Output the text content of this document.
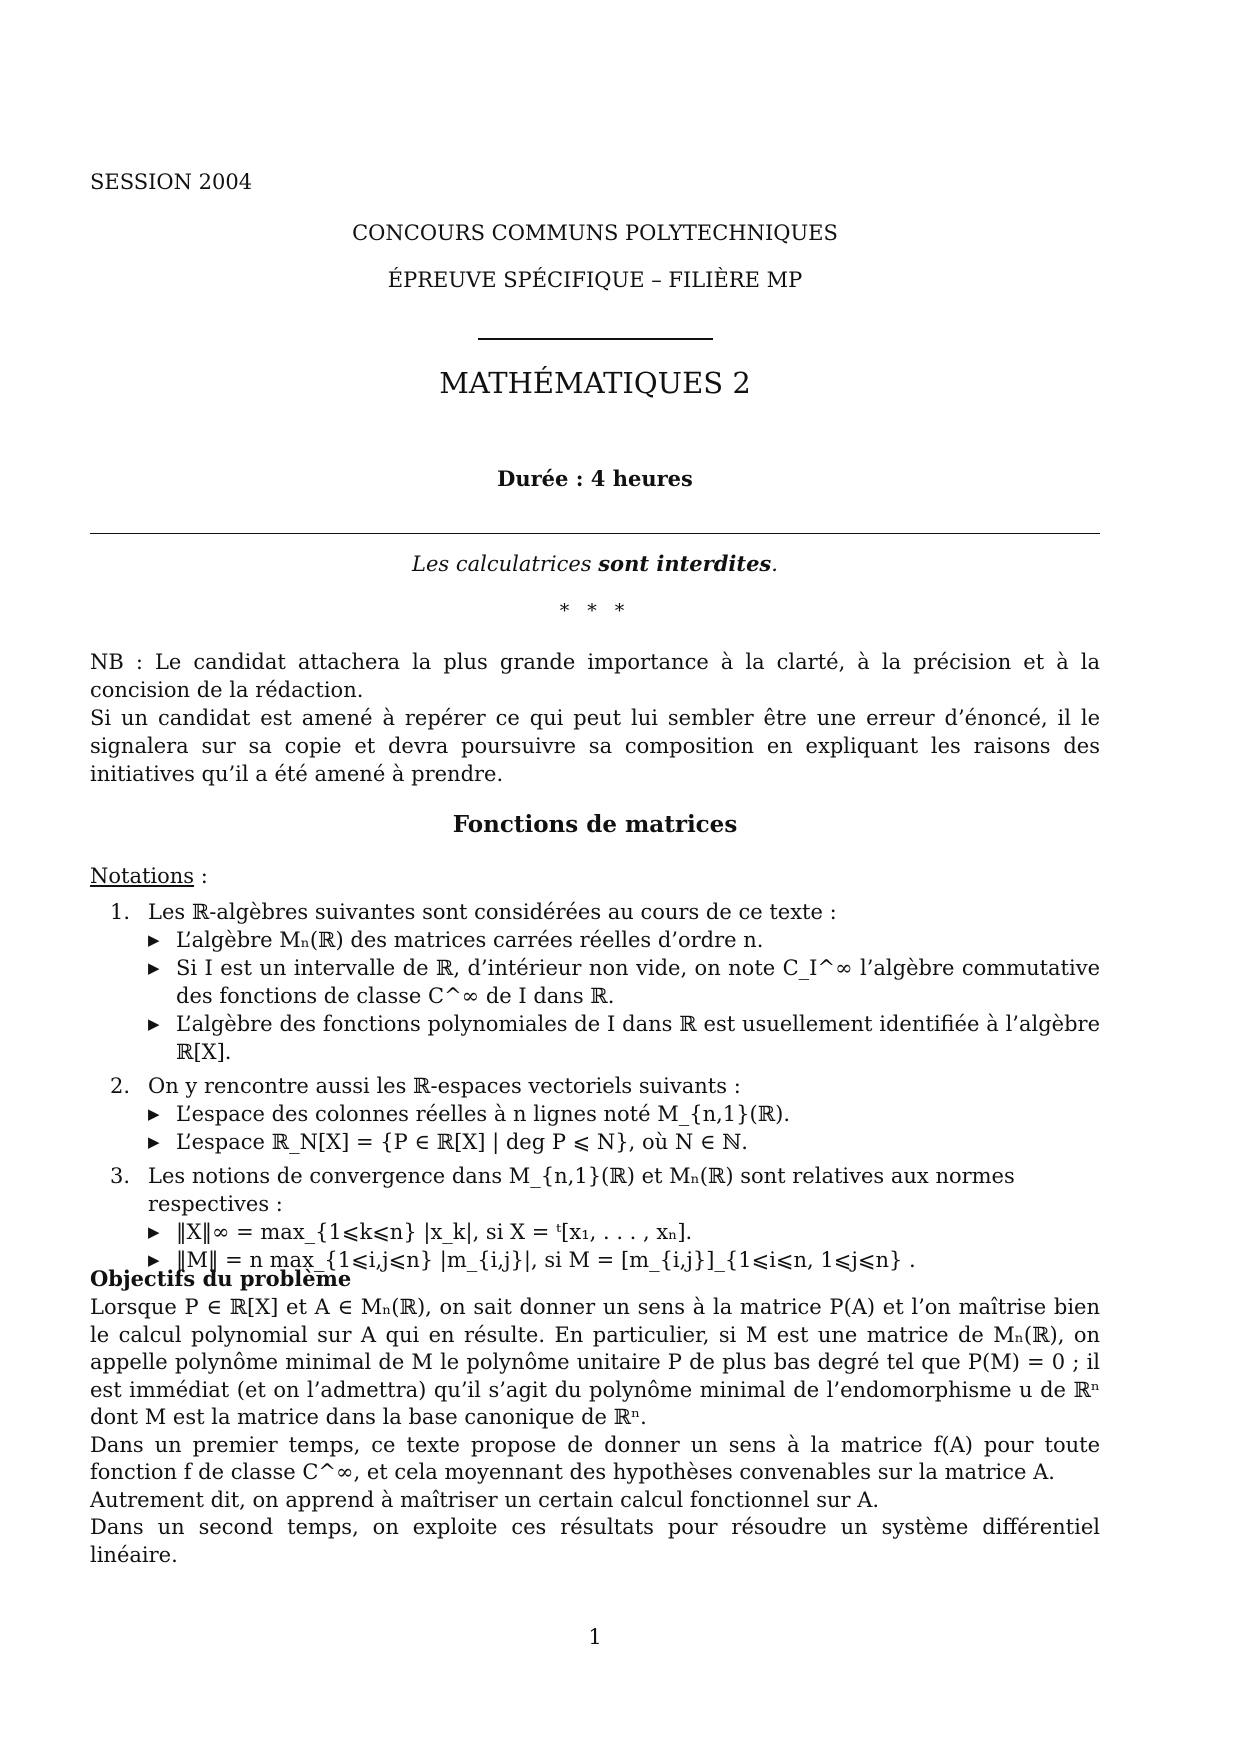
SESSION 2004
CONCOURS COMMUNS POLYTECHNIQUES
ÉPREUVE SPÉCIFIQUE – FILIÈRE MP
MATHÉMATIQUES 2
Durée : 4 heures
Les calculatrices sont interdites.
* * *

NB : Le candidat attachera la plus grande importance à la clarté, à la précision et à la concision de la rédaction.

Si un candidat est amené à repérer ce qui peut lui sembler être une erreur d’énoncé, il le signalera sur sa copie et devra poursuivre sa composition en expliquant les raisons des initiatives qu’il a été amené à prendre.

Fonctions de matrices
Notations :
1. Les ℝ-algèbres suivantes sont considérées au cours de ce texte :
▶ L’algèbre Mₙ(ℝ) des matrices carrées réelles d’ordre n.
▶ Si I est un intervalle de ℝ, d’intérieur non vide, on note C_I^∞ l’algèbre commutative des fonctions de classe C^∞ de I dans ℝ.
▶ L’algèbre des fonctions polynomiales de I dans ℝ est usuellement identifiée à l’algèbre ℝ[X].
2. On y rencontre aussi les ℝ-espaces vectoriels suivants :
▶ L’espace des colonnes réelles à n lignes noté M_{n,1}(ℝ).
▶ L’espace ℝ_N[X] = {P ∈ ℝ[X] | deg P ⩽ N}, où N ∈ ℕ.
3. Les notions de convergence dans M_{n,1}(ℝ) et Mₙ(ℝ) sont relatives aux normes respectives :
▶ ‖X‖∞ = max_{1⩽k⩽n} |x_k|, si X = ᵗ[x₁, . . . , xₙ].
▶ ‖M‖ = n max_{1⩽i,j⩽n} |m_{i,j}|, si M = [m_{i,j}]_{1⩽i⩽n, 1⩽j⩽n} .
Objectifs du problème

Lorsque P ∈ ℝ[X] et A ∈ Mₙ(ℝ), on sait donner un sens à la matrice P(A) et l’on maîtrise bien le calcul polynomial sur A qui en résulte. En particulier, si M est une matrice de Mₙ(ℝ), on appelle polynôme minimal de M le polynôme unitaire P de plus bas degré tel que P(M) = 0 ; il est immédiat (et on l’admettra) qu’il s’agit du polynôme minimal de l’endomorphisme u de ℝⁿ dont M est la matrice dans la base canonique de ℝⁿ.

Dans un premier temps, ce texte propose de donner un sens à la matrice f(A) pour toute fonction f de classe C^∞, et cela moyennant des hypothèses convenables sur la matrice A.

Autrement dit, on apprend à maîtriser un certain calcul fonctionnel sur A.

Dans un second temps, on exploite ces résultats pour résoudre un système différentiel linéaire.

1
